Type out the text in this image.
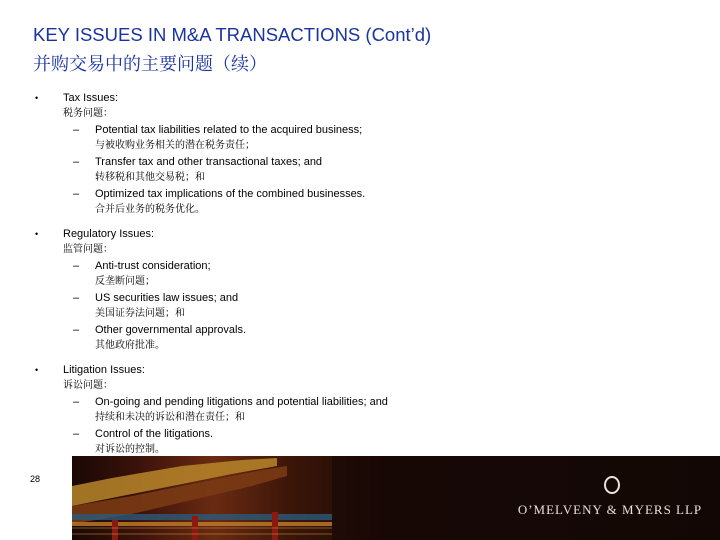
KEY ISSUES IN M&A TRANSACTIONS (Cont’d)
并购交易中的主要问题（续）
• Tax Issues:
税务问题：
– Potential tax liabilities related to the acquired business;
与被收购业务相关的潜在税务责任；
– Transfer tax and other transactional taxes; and
转移税和其他交易税；和
– Optimized tax implications of the combined businesses.
合并后业务的税务优化。
• Regulatory Issues:
监管问题：
– Anti-trust consideration;
反垄断问题；
– US securities law issues; and
美国证券法问题；和
– Other governmental approvals.
其他政府批准。
• Litigation Issues:
诉讼问题：
– On-going and pending litigations and potential liabilities; and
持续和未决的诉讼和潜在责任；和
– Control of the litigations.
对诉讼的控制。
28
O’MELVENY & MYERS LLP
